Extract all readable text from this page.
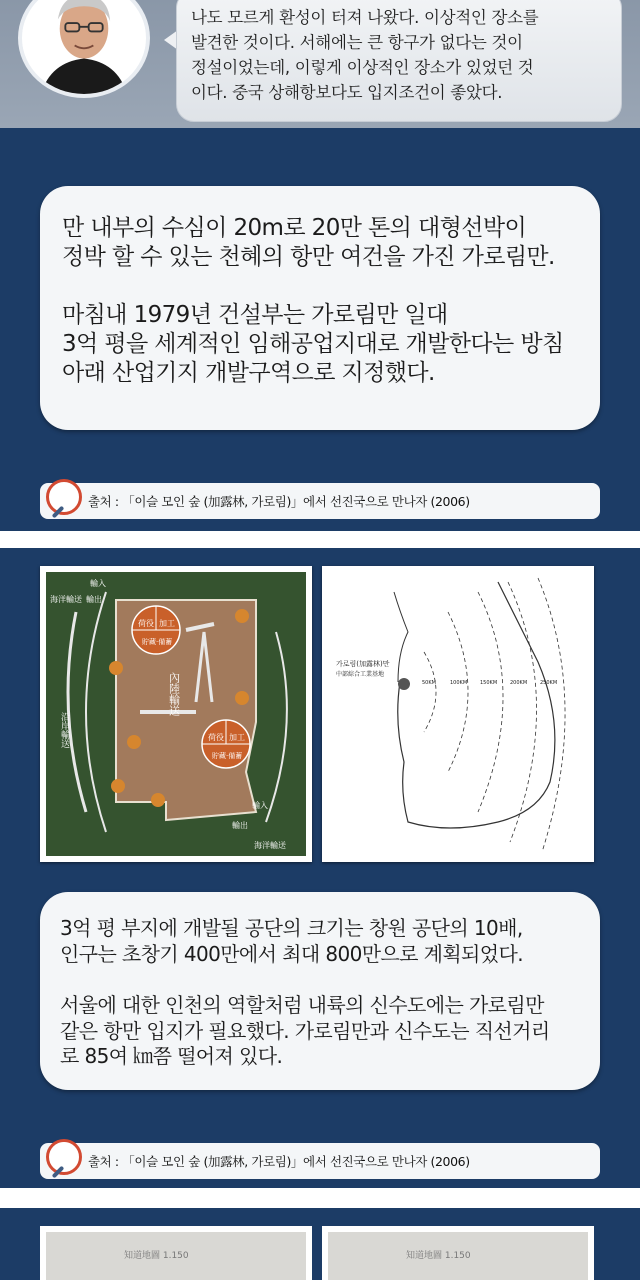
나도 모르게 환성이 터져 나왔다. 이상적인 장소를

발견한 것이다. 서해에는 큰 항구가 없다는 것이

정설이었는데, 이렇게 이상적인 장소가 있었던 것

이다. 중국 상해항보다도 입지조건이 좋았다.

만 내부의 수심이 20m로 20만 톤의 대형선박이

정박 할 수 있는 천혜의 항만 여건을 가진 가로림만.

마침내 1979년 건설부는 가로림만 일대

3억 평을 세계적인 임해공업지대로 개발한다는 방침

아래 산업기지 개발구역으로 지정했다.

출처 : 「이슬 모인 숲 (加露林, 가로림)」에서 선진국으로 만나자 (2006)
輸入
輸出
海洋輸送
沿岸輸送
內陸輸送
荷役 加工
貯藏·備蓄
荷役 加工
貯藏·備蓄
輸入
輸出
海洋輸送
가로림(加露林)만
中部綜合工業基地
50KM	100KM	150KM	200KM	250KM

3억 평 부지에 개발될 공단의 크기는 창원 공단의 10배,

인구는 초창기 400만에서 최대 800만으로 계획되었다.

서울에 대한 인천의 역할처럼 내륙의 신수도에는 가로림만

같은 항만 입지가 필요했다. 가로림만과 신수도는 직선거리

로 85여 ㎞쯤 떨어져 있다.

출처 : 「이슬 모인 숲 (加露林, 가로림)」에서 선진국으로 만나자 (2006)
知道地圖 1.150	知道地圖 1.150
